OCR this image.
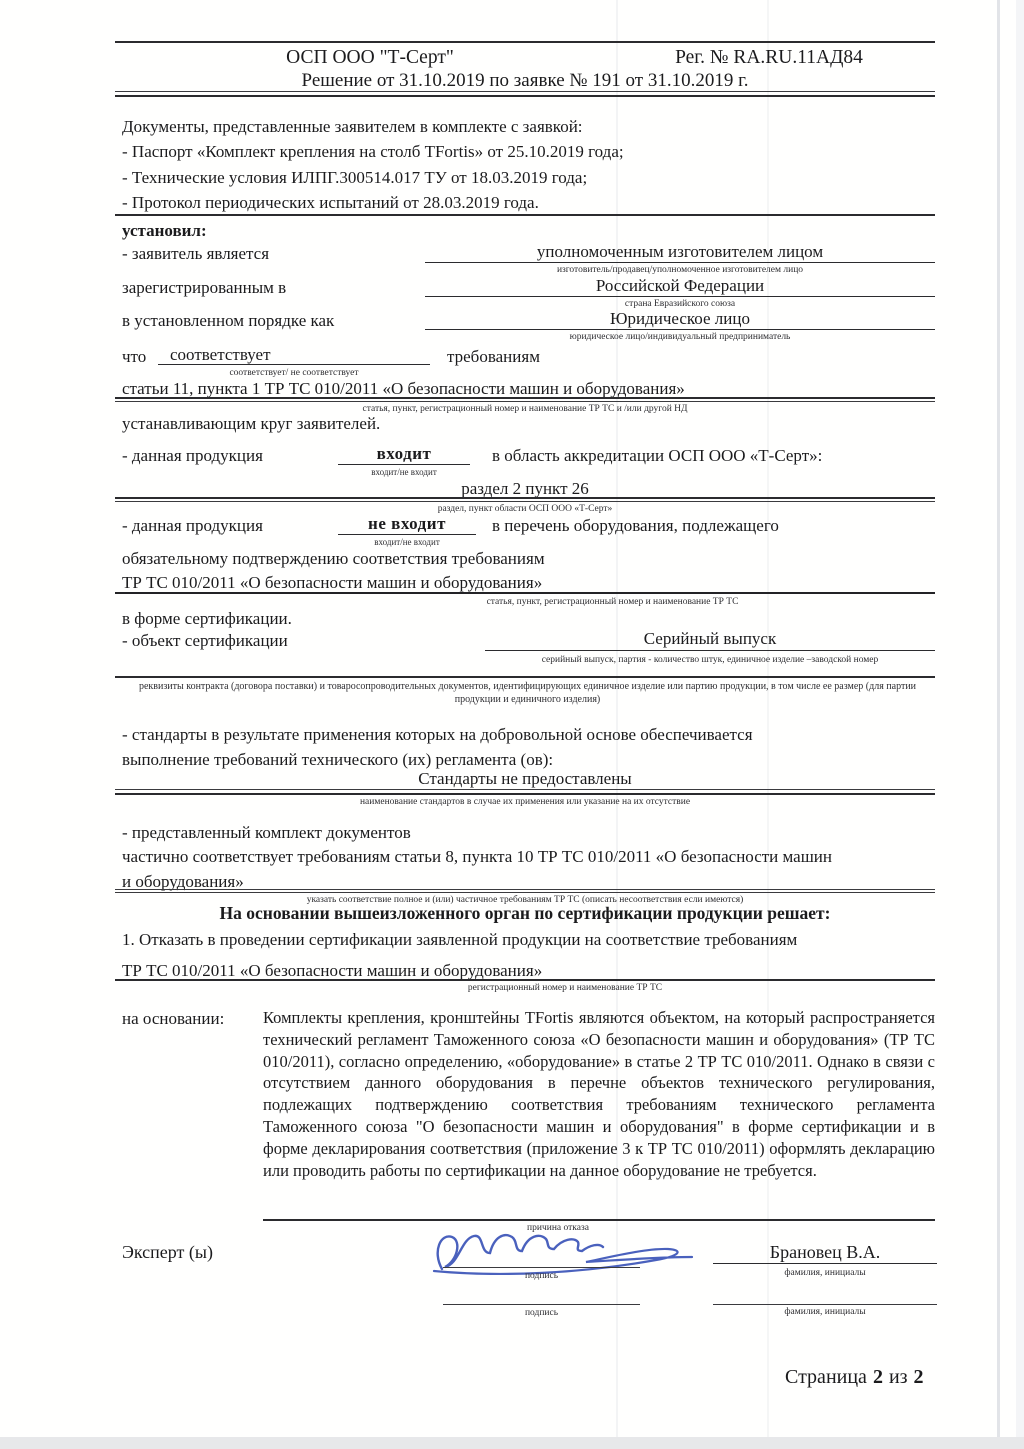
ОСП ООО "Т-Серт"	Рег. № RA.RU.11АД84
Решение от 31.10.2019 по заявке № 191 от 31.10.2019 г.

Документы, представленные заявителем в комплекте с заявкой:

- Паспорт «Комплект крепления на столб TFortis» от 25.10.2019 года;

- Технические условия ИЛПГ.300514.017 ТУ от 18.03.2019 года;

- Протокол периодических испытаний от 28.03.2019 года.

установил:
- заявитель является	уполномоченным изготовителем лицом
изготовитель/продавец/уполномоченное изготовителем лицо
зарегистрированным в	Российской Федерации
страна Евразийского союза
в установленном порядке как	Юридическое лицо
юридическое лицо/индивидуальный предприниматель
что	соответствует
соответствует/ не соответствует
требованиям
статьи 11, пункта 1 ТР ТС 010/2011 «О безопасности машин и оборудования»
статья, пункт, регистрационный номер и наименование ТР ТС и /или другой НД
устанавливающим круг заявителей.
- данная продукция	входит
входит/не входит
в область аккредитации ОСП ООО «Т-Серт»:
раздел 2 пункт 26
раздел, пункт области ОСП ООО «Т-Серт»
- данная продукция	не входит
входит/не входит
в перечень оборудования, подлежащего
обязательному подтверждению соответствия требованиям
ТР ТС 010/2011 «О безопасности машин и оборудования»
статья, пункт, регистрационный номер и наименование ТР ТС
в форме сертификации.
- объект сертификации	Серийный выпуск
серийный выпуск, партия - количество штук, единичное изделие –заводской номер
реквизиты контракта (договора поставки) и товаросопроводительных документов, идентифицирующих единичное изделие или партию продукции, в том числе ее размер (для партии продукции и единичного изделия)
- стандарты в результате применения которых на добровольной основе обеспечивается
выполнение требований технического (их) регламента (ов):
Стандарты не предоставлены
наименование стандартов в случае их применения или указание на их отсутствие
- представленный комплект документов
частично соответствует требованиям статьи 8, пункта 10 ТР ТС 010/2011 «О безопасности машин
и оборудования»
указать соответствие полное и (или) частичное требованиям ТР ТС (описать несоответствия если имеются)
На основании вышеизложенного орган по сертификации продукции решает:
1. Отказать в проведении сертификации заявленной продукции на соответствие требованиям
ТР ТС 010/2011 «О безопасности машин и оборудования»
регистрационный номер и наименование ТР ТС
на основании: Комплекты крепления, кронштейны TFortis являются объектом, на который распространяется технический регламент Таможенного союза «О безопасности машин и оборудования» (ТР ТС 010/2011), согласно определению, «оборудование» в статье 2 ТР ТС 010/2011. Однако в связи с отсутствием данного оборудования в перечне объектов технического регулирования, подлежащих подтверждению соответствия требованиям технического регламента Таможенного союза "О безопасности машин и оборудования" в форме сертификации и в форме декларирования соответствия (приложение 3 к ТР ТС 010/2011) оформлять декларацию или проводить работы по сертификации на данное оборудование не требуется.
причина отказа
Эксперт (ы)
подпись
Брановец В.А.
фамилия, инициалы
подпись	фамилия, инициалы
Страница 2 из 2
